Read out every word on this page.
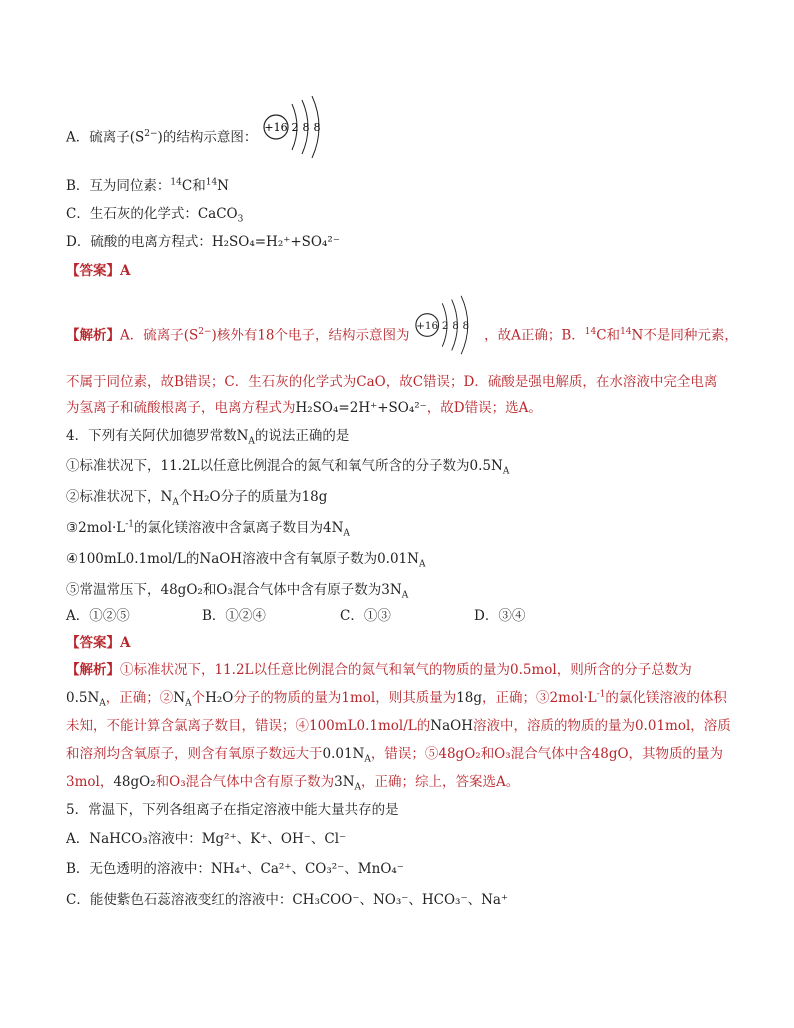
A．硫离子$(S^{2-})$的结构示意图：
+16 2 8 8
B．互为同位素：$^{14}$C和$^{14}$N
C．生石灰的化学式：CaCO$_3$
D．硫酸的电离方程式：H₂SO₄=H₂⁺+SO₄²⁻
【答案】A
【解析】A．硫离子$(S^{2-})$核外有18个电子，结构示意图为
+16 2 8 8
，故A正确；B．$^{14}$C和$^{14}$N不是同种元素，
不属于同位素，故B错误；C．生石灰的化学式为CaO，故C错误；D．硫酸是强电解质，在水溶液中完全电离
为氢离子和硫酸根离子，电离方程式为H₂SO₄=2H⁺+SO₄²⁻，故D错误；选A。
4．下列有关阿伏加德罗常数$N_A$的说法正确的是
①标准状况下，11.2L以任意比例混合的氮气和氧气所含的分子数为$0.5N_A$
②标准状况下，$N_A$个H₂O分子的质量为18g
$③2mol\cdot L^{-1}$的氯化镁溶液中含氯离子数目为$4N_A$
④100mL0.1mol/L的NaOH溶液中含有氧原子数为$0.01N_A$
⑤常温常压下，48gO₂和O₃混合气体中含有原子数为$3N_A$
A．①②⑤	B．①②④	C．①③	D．③④
【答案】A
【解析】①标准状况下，11.2L以任意比例混合的氮气和氧气的物质的量为0.5mol，则所含的分子总数为
$0.5N_A$，正确；$②N_A$个H₂O分子的物质的量为1mol，则其质量为18g，正确；$③2mol\cdot L^{-1}$的氯化镁溶液的体积
未知，不能计算含氯离子数目，错误；④100mL0.1mol/L的NaOH溶液中，溶质的物质的量为0.01mol，溶质
和溶剂均含氧原子，则含有氧原子数远大于$0.01N_A$，错误；⑤48gO₂和O₃混合气体中含48gO，其物质的量为
3mol，48gO₂和O₃混合气体中含有原子数为$3N_A$，正确；综上，答案选A。
5．常温下，下列各组离子在指定溶液中能大量共存的是
A．NaHCO₃溶液中：Mg²⁺、K⁺、OH⁻、Cl⁻
B．无色透明的溶液中：NH₄⁺、Ca²⁺、CO₃²⁻、MnO₄⁻
C．能使紫色石蕊溶液变红的溶液中：CH₃COO⁻、NO₃⁻、HCO₃⁻、Na⁺
